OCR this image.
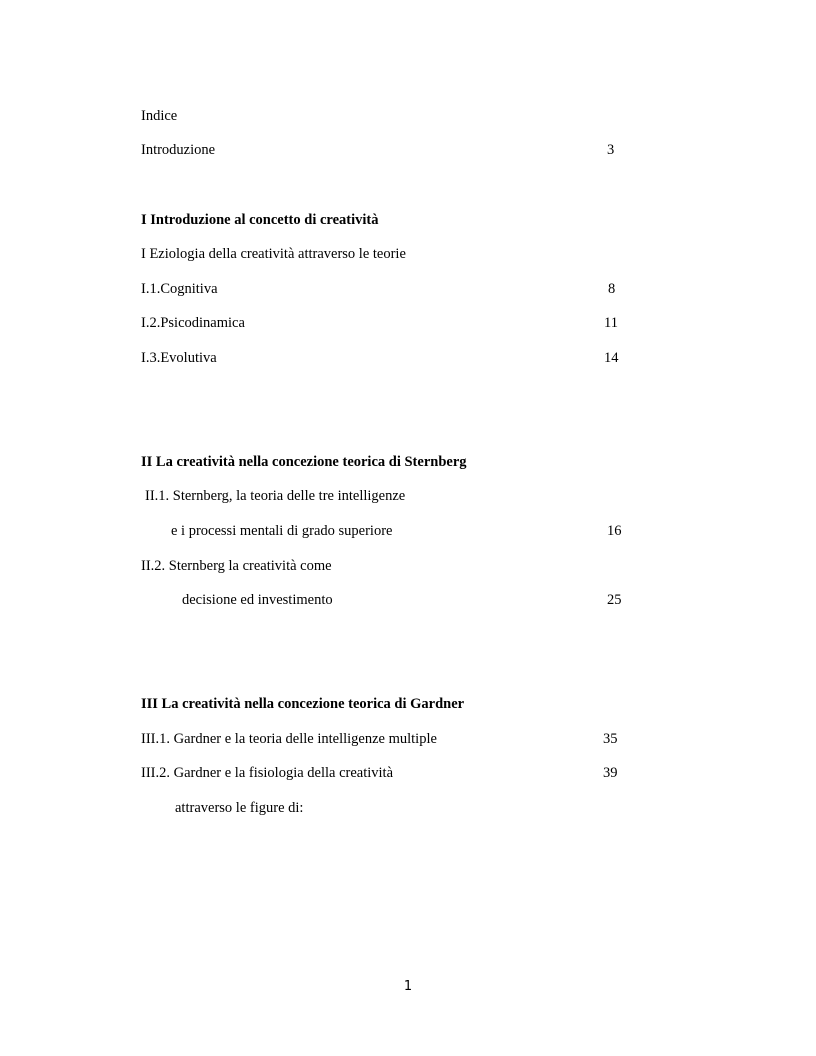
Indice
Introduzione	3
I Introduzione al concetto di creatività
I Eziologia della creatività attraverso le teorie
I.1.Cognitiva	8
I.2.Psicodinamica	11
I.3.Evolutiva	14
II La creatività nella concezione teorica di Sternberg
II.1. Sternberg, la teoria delle tre intelligenze
e i processi mentali di grado superiore	16
II.2. Sternberg la creatività come
decisione ed investimento	25
III La creatività nella concezione teorica di Gardner
III.1. Gardner e la teoria delle intelligenze multiple	35
III.2. Gardner e la fisiologia della creatività	39
attraverso le figure di:
1
